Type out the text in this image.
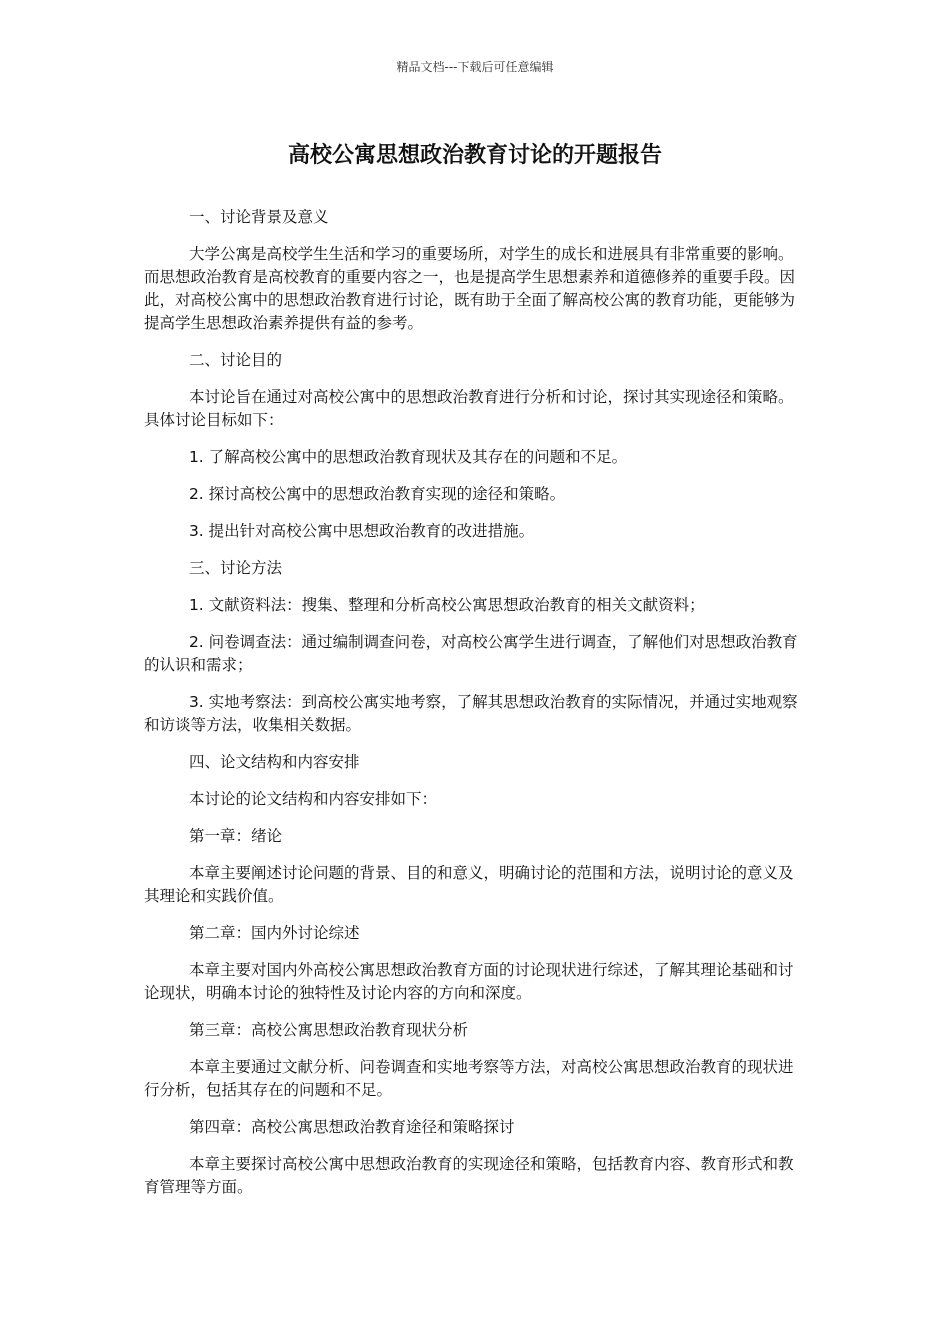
精品文档---下载后可任意编辑
高校公寓思想政治教育讨论的开题报告

一、讨论背景及意义

大学公寓是高校学生生活和学习的重要场所，对学生的成长和进展具有非常重要的影响。而思想政治教育是高校教育的重要内容之一，也是提高学生思想素养和道德修养的重要手段。因此，对高校公寓中的思想政治教育进行讨论，既有助于全面了解高校公寓的教育功能，更能够为提高学生思想政治素养提供有益的参考。

二、讨论目的

本讨论旨在通过对高校公寓中的思想政治教育进行分析和讨论，探讨其实现途径和策略。具体讨论目标如下：

1. 了解高校公寓中的思想政治教育现状及其存在的问题和不足。

2. 探讨高校公寓中的思想政治教育实现的途径和策略。

3. 提出针对高校公寓中思想政治教育的改进措施。

三、讨论方法

1. 文献资料法：搜集、整理和分析高校公寓思想政治教育的相关文献资料；

2. 问卷调查法：通过编制调查问卷，对高校公寓学生进行调查，了解他们对思想政治教育的认识和需求；

3. 实地考察法：到高校公寓实地考察，了解其思想政治教育的实际情况，并通过实地观察和访谈等方法，收集相关数据。

四、论文结构和内容安排

本讨论的论文结构和内容安排如下：

第一章：绪论

本章主要阐述讨论问题的背景、目的和意义，明确讨论的范围和方法，说明讨论的意义及其理论和实践价值。

第二章：国内外讨论综述

本章主要对国内外高校公寓思想政治教育方面的讨论现状进行综述，了解其理论基础和讨论现状，明确本讨论的独特性及讨论内容的方向和深度。

第三章：高校公寓思想政治教育现状分析

本章主要通过文献分析、问卷调查和实地考察等方法，对高校公寓思想政治教育的现状进行分析，包括其存在的问题和不足。

第四章：高校公寓思想政治教育途径和策略探讨

本章主要探讨高校公寓中思想政治教育的实现途径和策略，包括教育内容、教育形式和教育管理等方面。
